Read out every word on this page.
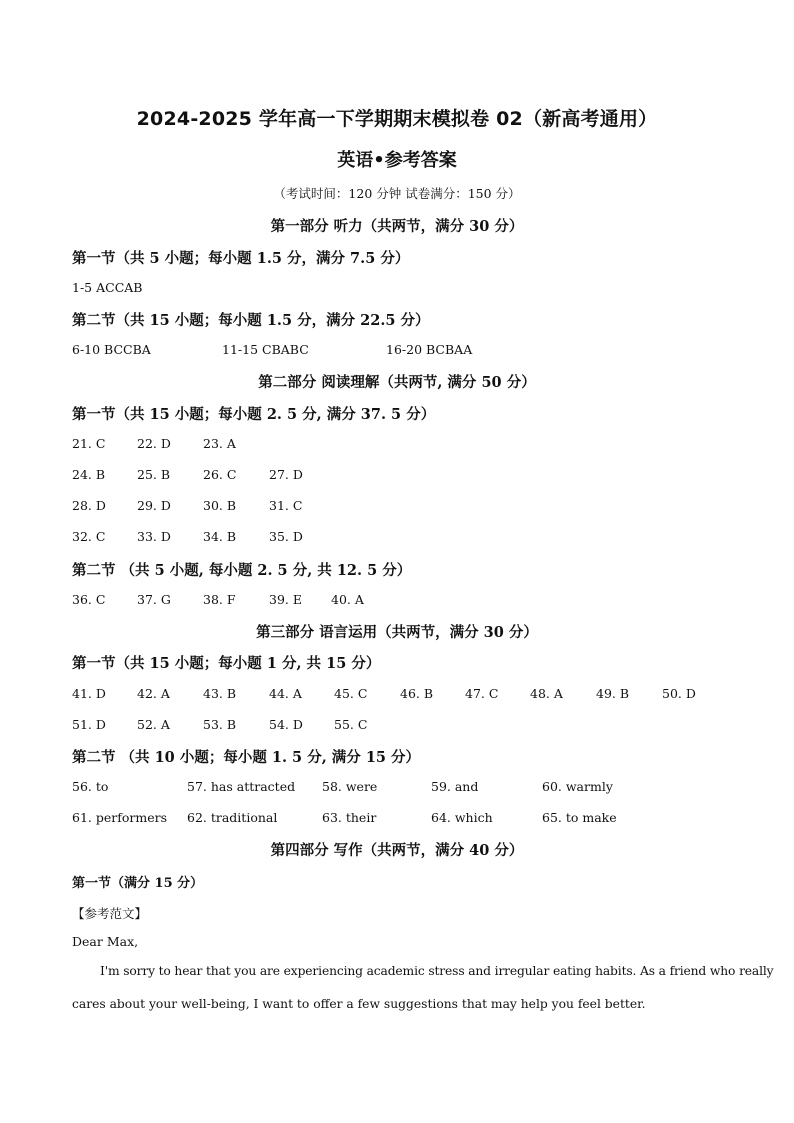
2024-2025 学年高一下学期期末模拟卷 02（新高考通用）
英语•参考答案
（考试时间：120 分钟 试卷满分：150 分）
第一部分 听力（共两节，满分 30 分）
第一节（共 5 小题；每小题 1.5 分，满分 7.5 分）
1-5 ACCAB
第二节（共 15 小题；每小题 1.5 分，满分 22.5 分）
6-10 BCCBA	11-15 CBABC	16-20 BCBAA
第二部分 阅读理解（共两节, 满分 50 分）
第一节（共 15 小题；每小题 2. 5 分, 满分 37. 5 分）
21. C	22. D	23. A
24. B	25. B	26. C	27. D
28. D 29. D	30. B	31. C
32. C	33. D	34. B	35. D
第二节 （共 5 小题, 每小题 2. 5 分, 共 12. 5 分）
36. C	37. G	38. F	39. E 40. A
第三部分 语言运用（共两节，满分 30 分）
第一节（共 15 小题；每小题 1 分, 共 15 分）
41. D 42. A	43. B	44. A	45. C	46. B	47. C	48. A	49. B	50. D
51. D 52. A	53. B	54. D 55. C
第二节 （共 10 小题；每小题 1. 5 分, 满分 15 分）
56. to	57. has attracted 58. were	59. and	60. warmly
61. performers 62. traditional	63. their	64. which	65. to make
第四部分 写作（共两节，满分 40 分）
第一节（满分 15 分）
【参考范文】
Dear Max,
I'm sorry to hear that you are experiencing academic stress and irregular eating habits. As a friend who really
cares about your well-being, I want to offer a few suggestions that may help you feel better.
